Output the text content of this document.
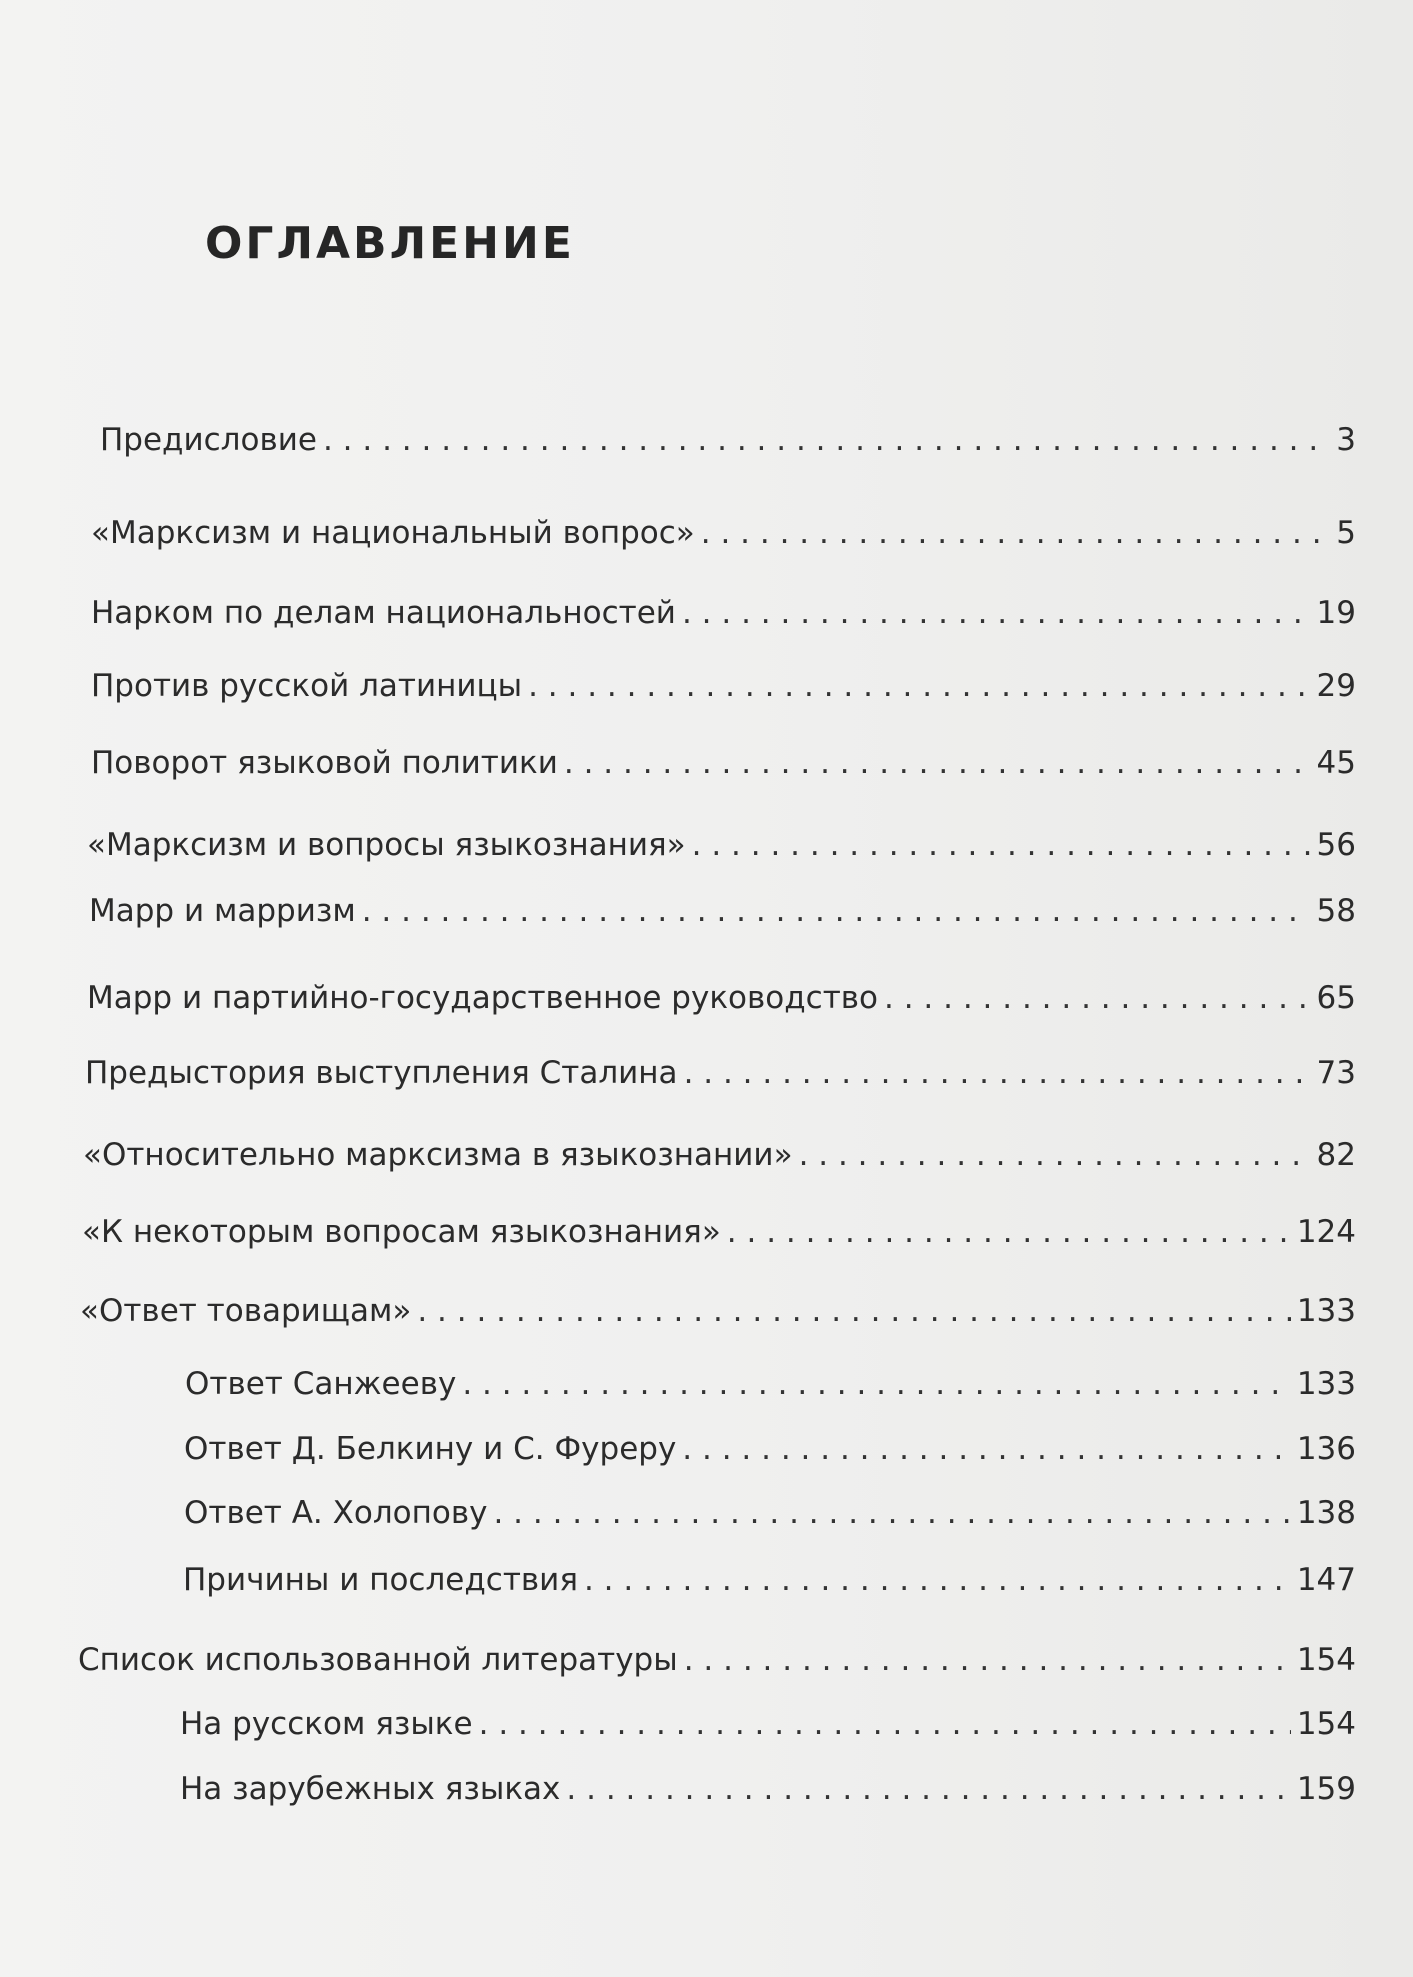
ОГЛАВЛЕНИЕ
Предисловие . . .	3
«Марксизм и национальный вопрос» . . .	5
Нарком по делам национальностей . . .	19
Против русской латиницы . . .	29
Поворот языковой политики . . .	45
«Марксизм и вопросы языкознания» . . .	56
Марр и марризм . . .	58
Марр и партийно-государственное руководство . . .	65
Предыстория выступления Сталина . . .	73
«Относительно марксизма в языкознании» . . .	82
«К некоторым вопросам языкознания» . . .	124
«Ответ товарищам» . . .	133
Ответ Санжееву . . .	133
Ответ Д. Белкину и С. Фуреру . . .	136
Ответ А. Холопову . . .	138
Причины и последствия . . .	147
Список использованной литературы . . .	154
На русском языке . . .	154
На зарубежных языках . . .	159
